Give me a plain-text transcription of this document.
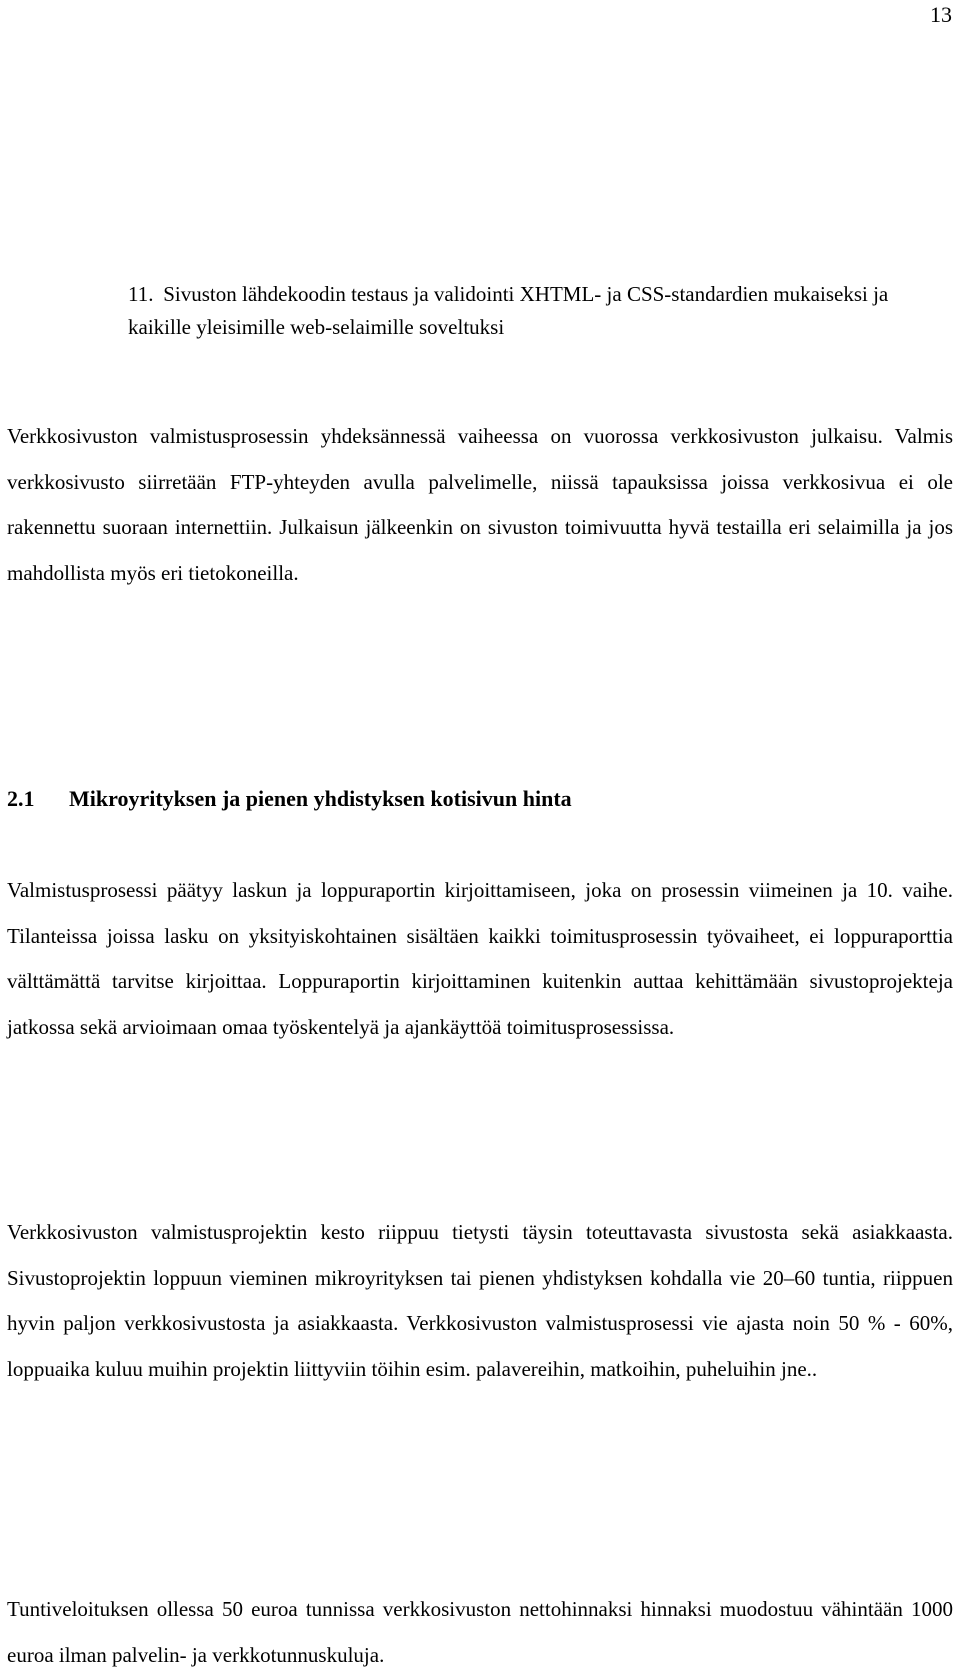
13
11. Sivuston lähdekoodin testaus ja validointi XHTML- ja CSS-standardien mukaiseksi ja kaikille yleisimille web-selaimille soveltuksi

Verkkosivuston valmistusprosessin yhdeksännessä vaiheessa on vuorossa verkkosivuston julkaisu. Valmis verkkosivusto siirretään FTP-yhteyden avulla palvelimelle, niissä tapauksissa joissa verkkosivua ei ole rakennettu suoraan internettiin. Julkaisun jälkeenkin on sivuston toimivuutta hyvä testailla eri selaimilla ja jos mahdollista myös eri tietokoneilla.

2.1 Mikroyrityksen ja pienen yhdistyksen kotisivun hinta

Valmistusprosessi päätyy laskun ja loppuraportin kirjoittamiseen, joka on prosessin viimeinen ja 10. vaihe. Tilanteissa joissa lasku on yksityiskohtainen sisältäen kaikki toimitusprosessin työvaiheet, ei loppuraporttia välttämättä tarvitse kirjoittaa. Loppuraportin kirjoittaminen kuitenkin auttaa kehittämään sivustoprojekteja jatkossa sekä arvioimaan omaa työskentelyä ja ajankäyttöä toimitusprosessissa.

Verkkosivuston valmistusprojektin kesto riippuu tietysti täysin toteuttavasta sivustosta sekä asiakkaasta. Sivustoprojektin loppuun vieminen mikroyrityksen tai pienen yhdistyksen kohdalla vie 20–60 tuntia, riippuen hyvin paljon verkkosivustosta ja asiakkaasta. Verkkosivuston valmistusprosessi vie ajasta noin 50 % - 60%, loppuaika kuluu muihin projektin liittyviin töihin esim. palavereihin, matkoihin, puheluihin jne..

Tuntiveloituksen ollessa 50 euroa tunnissa verkkosivuston nettohinnaksi hinnaksi muodostuu vähintään 1000 euroa ilman palvelin- ja verkkotunnuskuluja.
